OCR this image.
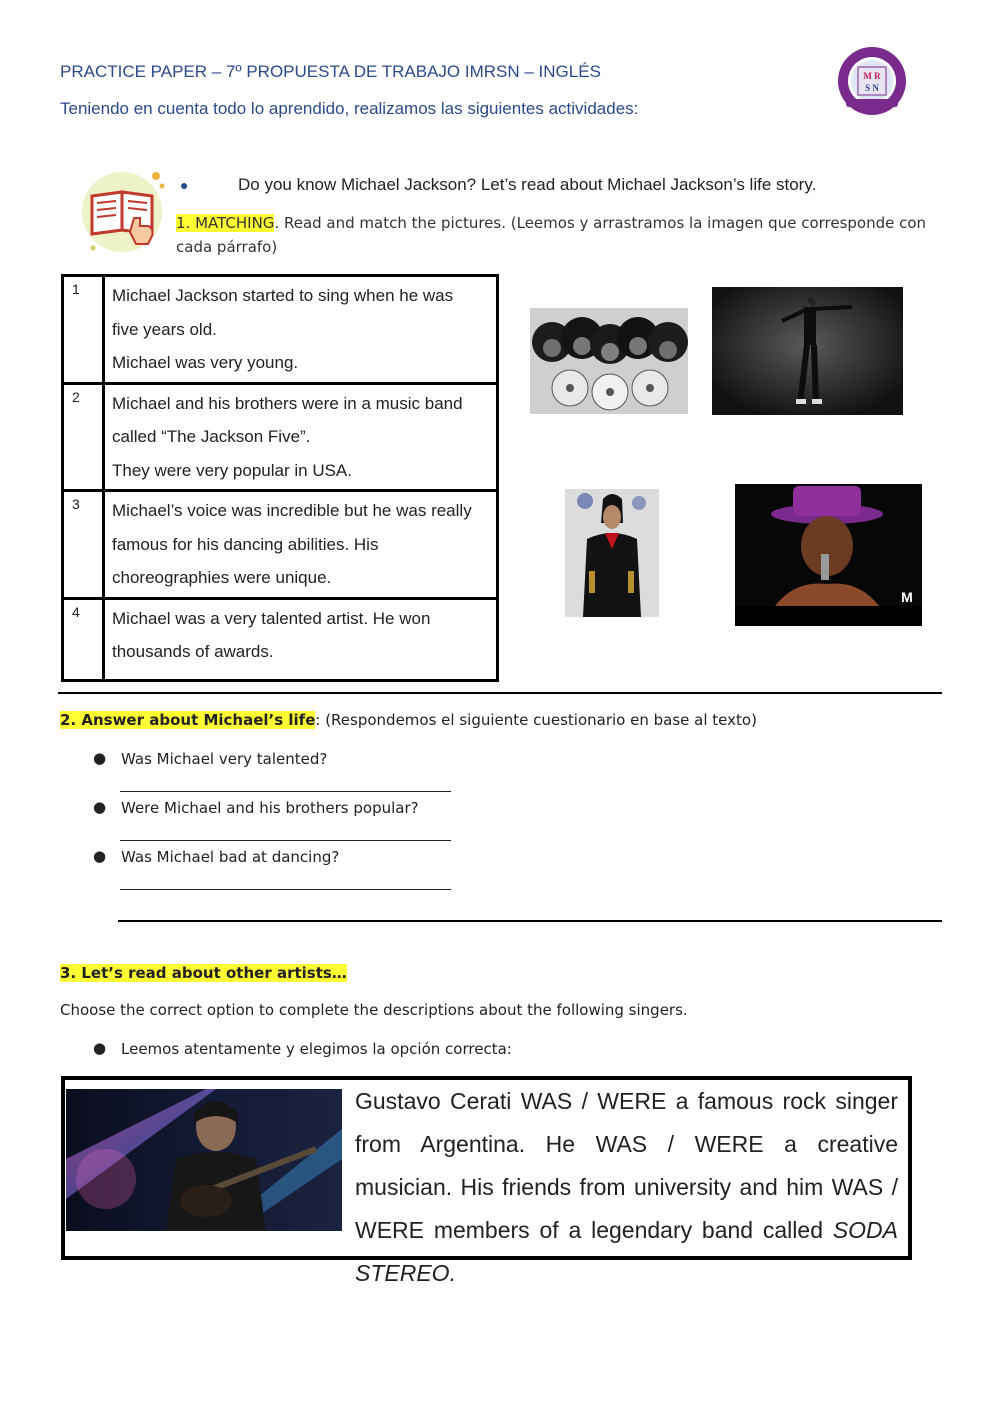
PRACTICE PAPER – 7º PROPUESTA DE TRABAJO IMRSN – INGLÉS
Teniendo en cuenta todo lo aprendido, realizamos las siguientes actividades:
M R
S N
●	Do you know Michael Jackson? Let’s read about Michael Jackson’s life story.
1. MATCHING. Read and match the pictures. (Leemos y arrastramos la imagen que corresponde con cada párrafo)
1	Michael Jackson started to sing when he was
five years old.
Michael was very young.

2	Michael and his brothers were in a music band
called “The Jackson Five”.
They were very popular in USA.

3	Michael’s voice was incredible but he was really
famous for his dancing abilities. His
choreographies were unique.

4	Michael was a very talented artist. He won
thousands of awards.
M
2. Answer about Michael’s life: (Respondemos el siguiente cuestionario en base al texto)
● Was Michael very talented?
● Were Michael and his brothers popular?
● Was Michael bad at dancing?
3. Let’s read about other artists…
Choose the correct option to complete the descriptions about the following singers.
● Leemos atentamente y elegimos la opción correcta:
Gustavo Cerati WAS / WERE a famous rock singer from Argentina. He WAS / WERE a creative musician. His friends from university and him WAS / WERE members of a legendary band called SODA STEREO.
